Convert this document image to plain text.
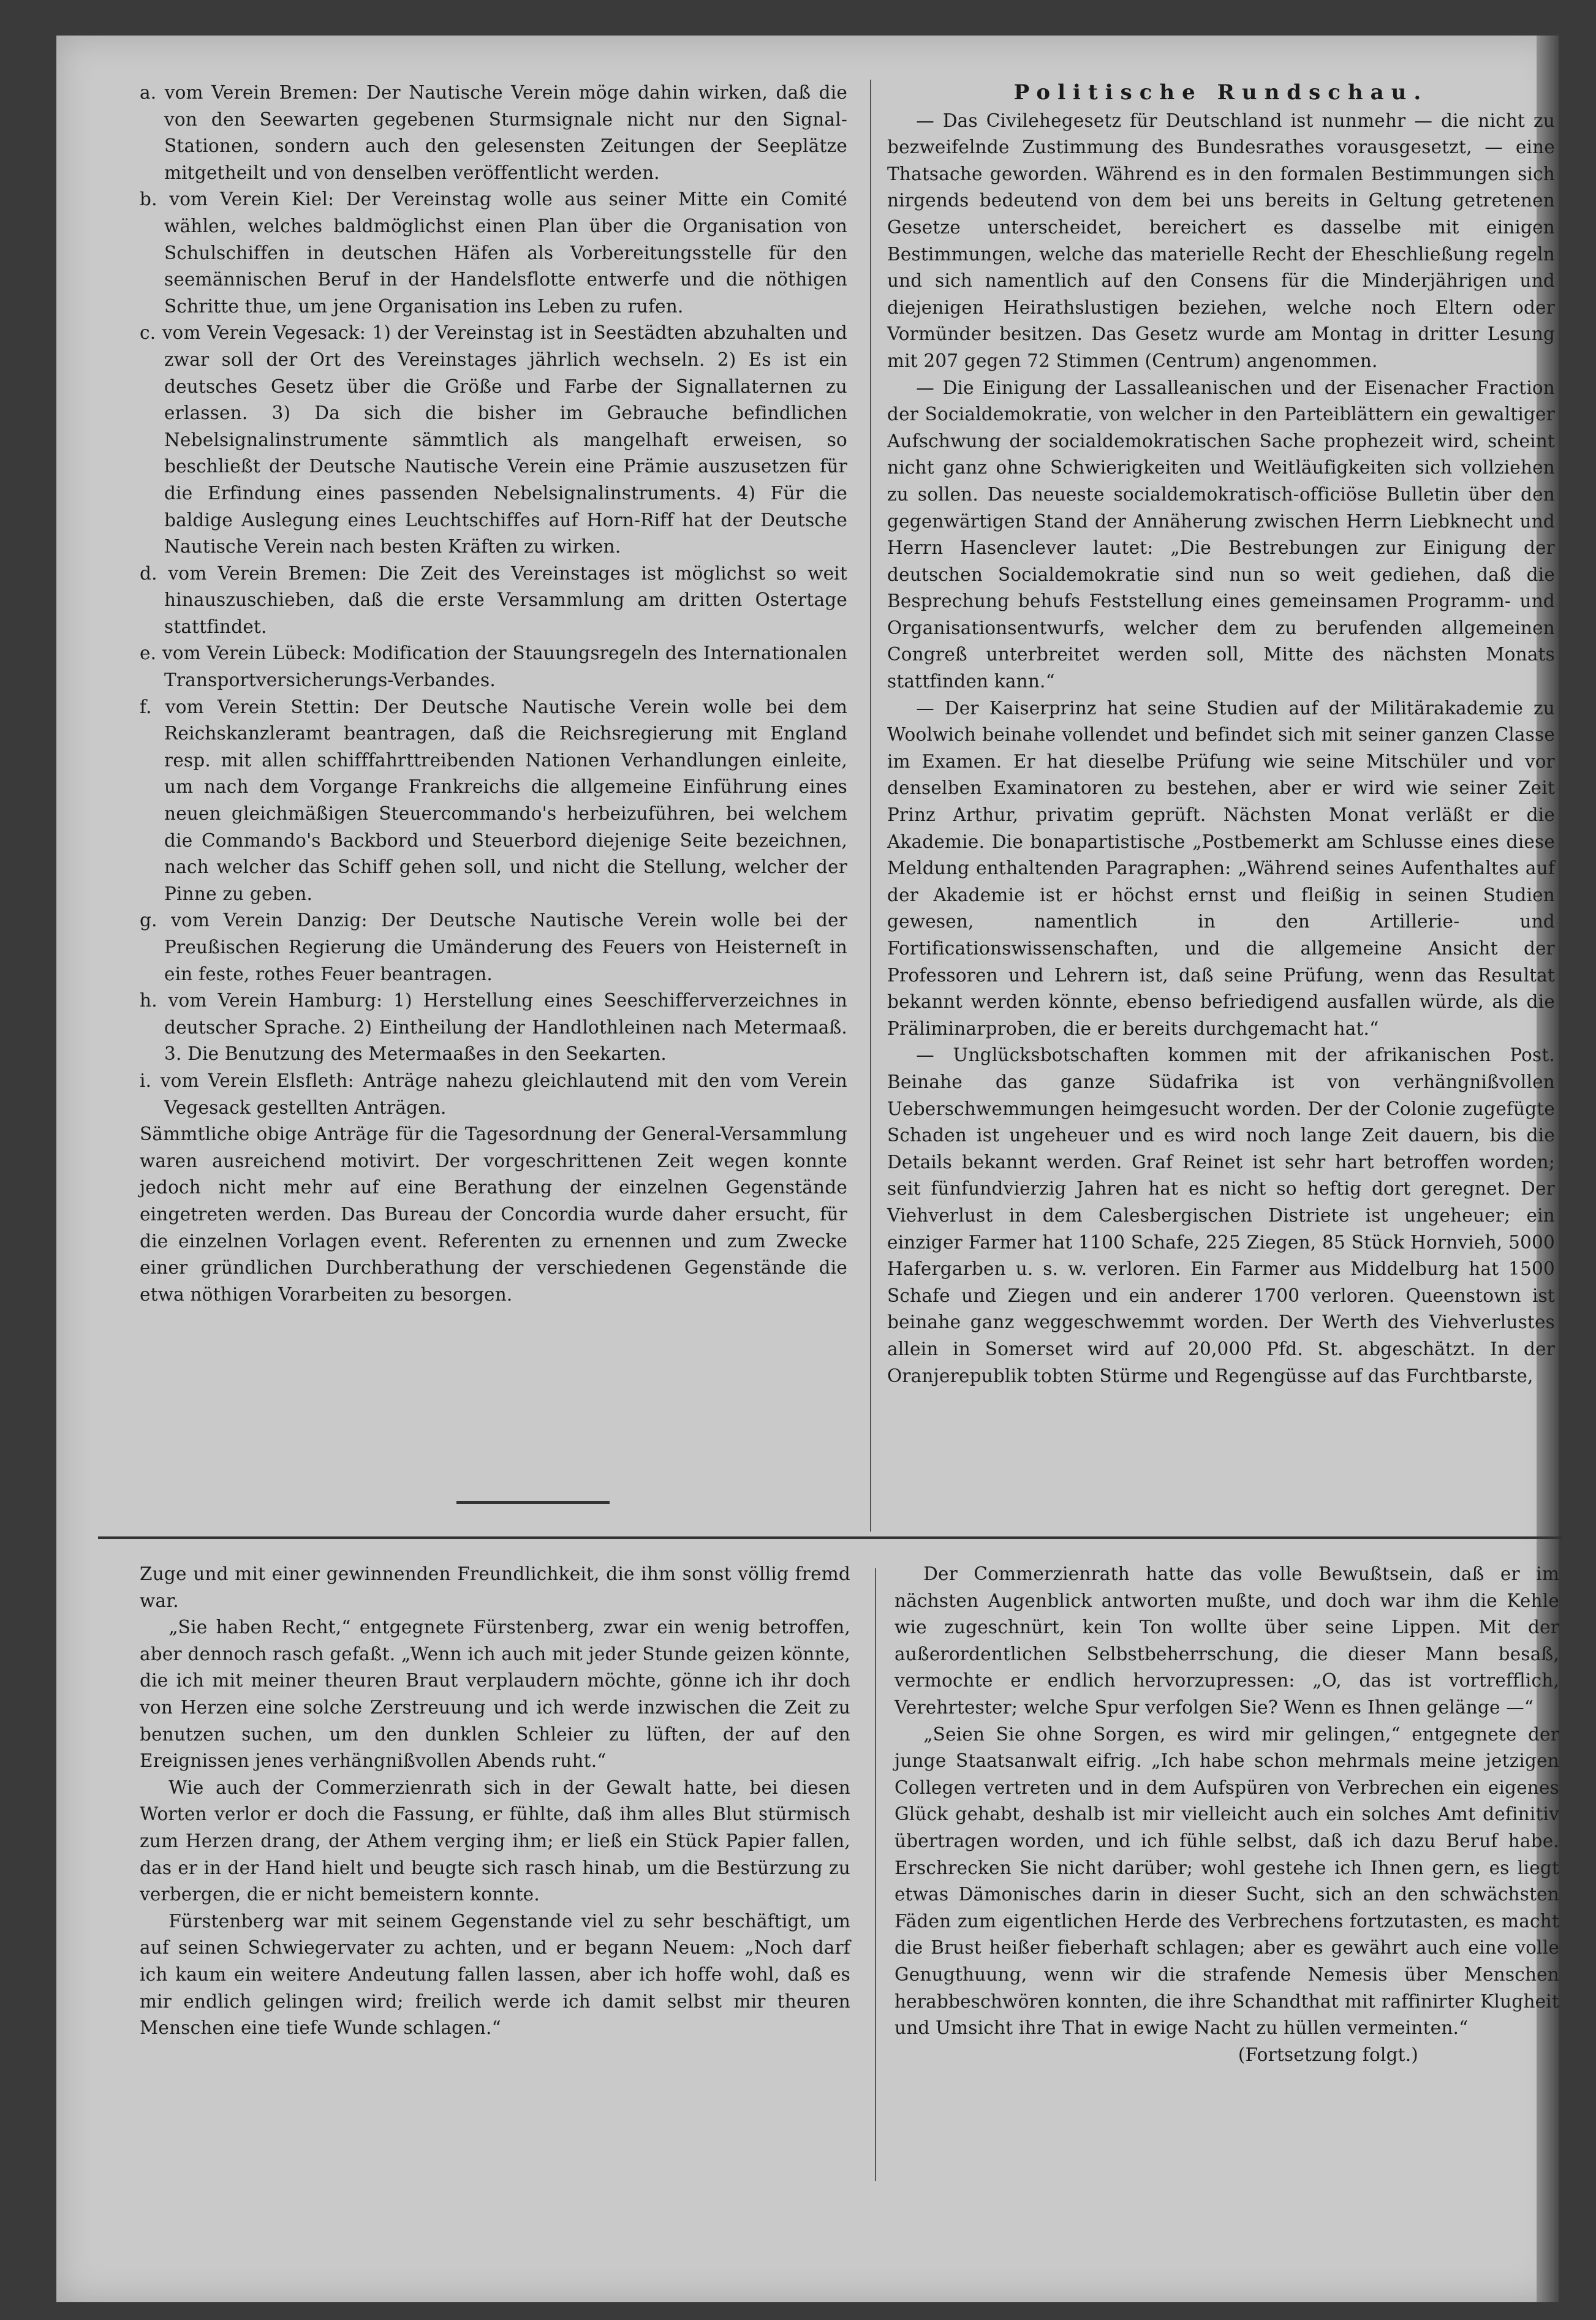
a. vom Verein Bremen: Der Nautische Verein möge dahin wirken, daß die von den Seewarten gegebenen Sturmsignale nicht nur den Signal-Stationen, sondern auch den gelesensten Zeitungen der Seeplätze mitgetheilt und von denselben veröffentlicht werden.

b. vom Verein Kiel: Der Vereinstag wolle aus seiner Mitte ein Comité wählen, welches baldmöglichst einen Plan über die Organisation von Schulschiffen in deutschen Häfen als Vorbereitungsstelle für den seemännischen Beruf in der Handelsflotte entwerfe und die nöthigen Schritte thue, um jene Organisation ins Leben zu rufen.

c. vom Verein Vegesack: 1) der Vereinstag ist in Seestädten abzuhalten und zwar soll der Ort des Vereinstages jährlich wechseln. 2) Es ist ein deutsches Gesetz über die Größe und Farbe der Signallaternen zu erlassen. 3) Da sich die bisher im Gebrauche befindlichen Nebelsignalinstrumente sämmtlich als mangelhaft erweisen, so beschließt der Deutsche Nautische Verein eine Prämie auszusetzen für die Erfindung eines passenden Nebelsignalinstruments. 4) Für die baldige Auslegung eines Leuchtschiffes auf Horn-Riff hat der Deutsche Nautische Verein nach besten Kräften zu wirken.

d. vom Verein Bremen: Die Zeit des Vereinstages ist möglichst so weit hinauszuschieben, daß die erste Versammlung am dritten Ostertage stattfindet.

e. vom Verein Lübeck: Modification der Stauungsregeln des Internationalen Transportversicherungs-Verbandes.

f. vom Verein Stettin: Der Deutsche Nautische Verein wolle bei dem Reichskanzleramt beantragen, daß die Reichsregierung mit England resp. mit allen schifffahrttreibenden Nationen Verhandlungen einleite, um nach dem Vorgange Frankreichs die allgemeine Einführung eines neuen gleichmäßigen Steuercommando's herbeizuführen, bei welchem die Commando's Backbord und Steuerbord diejenige Seite bezeichnen, nach welcher das Schiff gehen soll, und nicht die Stellung, welcher der Pinne zu geben.

g. vom Verein Danzig: Der Deutsche Nautische Verein wolle bei der Preußischen Regierung die Umänderung des Feuers von Heisterneſt in ein feste, rothes Feuer beantragen.

h. vom Verein Hamburg: 1) Herstellung eines Seeschifferverzeichnes in deutscher Sprache. 2) Eintheilung der Handlothleinen nach Metermaaß. 3. Die Benutzung des Metermaaßes in den Seekarten.

i. vom Verein Elsfleth: Anträge nahezu gleichlautend mit den vom Verein Vegesack gestellten Anträgen.

Sämmtliche obige Anträge für die Tagesordnung der General-Versammlung waren ausreichend motivirt. Der vorgeschrittenen Zeit wegen konnte jedoch nicht mehr auf eine Berathung der einzelnen Gegenstände eingetreten werden. Das Bureau der Concordia wurde daher ersucht, für die einzelnen Vorlagen event. Referenten zu ernennen und zum Zwecke einer gründlichen Durchberathung der verschiedenen Gegenstände die etwa nöthigen Vorarbeiten zu besorgen.

Politische Rundschau.

— Das Civilehegesetz für Deutschland ist nunmehr — die nicht zu bezweifelnde Zustimmung des Bundesrathes vorausgesetzt, — eine Thatsache geworden. Während es in den formalen Bestimmungen sich nirgends bedeutend von dem bei uns bereits in Geltung getretenen Gesetze unterscheidet, bereichert es dasselbe mit einigen Bestimmungen, welche das materielle Recht der Eheschließung regeln und sich namentlich auf den Consens für die Minderjährigen und diejenigen Heirathslustigen beziehen, welche noch Eltern oder Vormünder besitzen. Das Gesetz wurde am Montag in dritter Lesung mit 207 gegen 72 Stimmen (Centrum) angenommen.

— Die Einigung der Lassalleanischen und der Eisenacher Fraction der Socialdemokratie, von welcher in den Parteiblättern ein gewaltiger Aufschwung der socialdemokratischen Sache prophezeit wird, scheint nicht ganz ohne Schwierigkeiten und Weitläufigkeiten sich vollziehen zu sollen. Das neueste socialdemokratisch-officiöse Bulletin über den gegenwärtigen Stand der Annäherung zwischen Herrn Liebknecht und Herrn Hasenclever lautet: „Die Bestrebungen zur Einigung der deutschen Socialdemokratie sind nun so weit gediehen, daß die Besprechung behufs Feststellung eines gemeinsamen Programm- und Organisationsentwurfs, welcher dem zu berufenden allgemeinen Congreß unterbreitet werden soll, Mitte des nächsten Monats stattfinden kann.“

— Der Kaiserprinz hat seine Studien auf der Militärakademie zu Woolwich beinahe vollendet und befindet sich mit seiner ganzen Classe im Examen. Er hat dieselbe Prüfung wie seine Mitschüler und vor denselben Examinatoren zu bestehen, aber er wird wie seiner Zeit Prinz Arthur, privatim geprüft. Nächsten Monat verläßt er die Akademie. Die bonapartistische „Postbemerkt am Schlusse eines diese Meldung enthaltenden Paragraphen: „Während seines Aufenthaltes auf der Akademie ist er höchst ernst und fleißig in seinen Studien gewesen, namentlich in den Artillerie- und Fortificationswissenschaften, und die allgemeine Ansicht der Professoren und Lehrern ist, daß seine Prüfung, wenn das Resultat bekannt werden könnte, ebenso befriedigend ausfallen würde, als die Präliminarproben, die er bereits durchgemacht hat.“

— Unglücksbotschaften kommen mit der afrikanischen Post. Beinahe das ganze Südafrika ist von verhängnißvollen Ueberschwemmungen heimgesucht worden. Der der Colonie zugefügte Schaden ist ungeheuer und es wird noch lange Zeit dauern, bis die Details bekannt werden. Graf Reinet ist sehr hart betroffen worden; seit fünfundvierzig Jahren hat es nicht so heftig dort geregnet. Der Viehverlust in dem Calesbergischen Distriete ist ungeheuer; ein einziger Farmer hat 1100 Schafe, 225 Ziegen, 85 Stück Hornvieh, 5000 Hafergarben u. s. w. verloren. Ein Farmer aus Middelburg hat 1500 Schafe und Ziegen und ein anderer 1700 verloren. Queenstown ist beinahe ganz weggeschwemmt worden. Der Werth des Viehverlustes allein in Somerset wird auf 20,000 Pfd. St. abgeschätzt. In der Oranjerepublik tobten Stürme und Regengüsse auf das Furchtbarste,

Zuge und mit einer gewinnenden Freundlichkeit, die ihm sonst völlig fremd war.

„Sie haben Recht,“ entgegnete Fürstenberg, zwar ein wenig betroffen, aber dennoch rasch gefaßt. „Wenn ich auch mit jeder Stunde geizen könnte, die ich mit meiner theuren Braut verplaudern möchte, gönne ich ihr doch von Herzen eine solche Zerstreuung und ich werde inzwischen die Zeit zu benutzen suchen, um den dunklen Schleier zu lüften, der auf den Ereignissen jenes verhängnißvollen Abends ruht.“

Wie auch der Commerzienrath sich in der Gewalt hatte, bei diesen Worten verlor er doch die Fassung, er fühlte, daß ihm alles Blut stürmisch zum Herzen drang, der Athem verging ihm; er ließ ein Stück Papier fallen, das er in der Hand hielt und beugte sich rasch hinab, um die Bestürzung zu verbergen, die er nicht bemeistern konnte.

Fürstenberg war mit seinem Gegenstande viel zu sehr beschäftigt, um auf seinen Schwiegervater zu achten, und er begann Neuem: „Noch darf ich kaum ein weitere Andeutung fallen lassen, aber ich hoffe wohl, daß es mir endlich gelingen wird; freilich werde ich damit selbst mir theuren Menschen eine tiefe Wunde schlagen.“

Der Commerzienrath hatte das volle Bewußtsein, daß er im nächsten Augenblick antworten mußte, und doch war ihm die Kehle wie zugeschnürt, kein Ton wollte über seine Lippen. Mit der außerordentlichen Selbstbeherrschung, die dieser Mann besaß, vermochte er endlich hervorzupressen: „O, das ist vortrefflich, Verehrtester; welche Spur verfolgen Sie? Wenn es Ihnen gelänge —“

„Seien Sie ohne Sorgen, es wird mir gelingen,“ entgegnete der junge Staatsanwalt eifrig. „Ich habe schon mehrmals meine jetzigen Collegen vertreten und in dem Aufspüren von Verbrechen ein eigenes Glück gehabt, deshalb ist mir vielleicht auch ein solches Amt definitiv übertragen worden, und ich fühle selbst, daß ich dazu Beruf habe. Erschrecken Sie nicht darüber; wohl gestehe ich Ihnen gern, es liegt etwas Dämonisches darin in dieser Sucht, sich an den schwächsten Fäden zum eigentlichen Herde des Verbrechens fortzutasten, es macht die Brust heißer fieberhaft schlagen; aber es gewährt auch eine volle Genugthuung, wenn wir die strafende Nemesis über Menschen herabbeschwören konnten, die ihre Schandthat mit raffinirter Klugheit und Umsicht ihre That in ewige Nacht zu hüllen vermeinten.“

(Fortsetzung folgt.)
